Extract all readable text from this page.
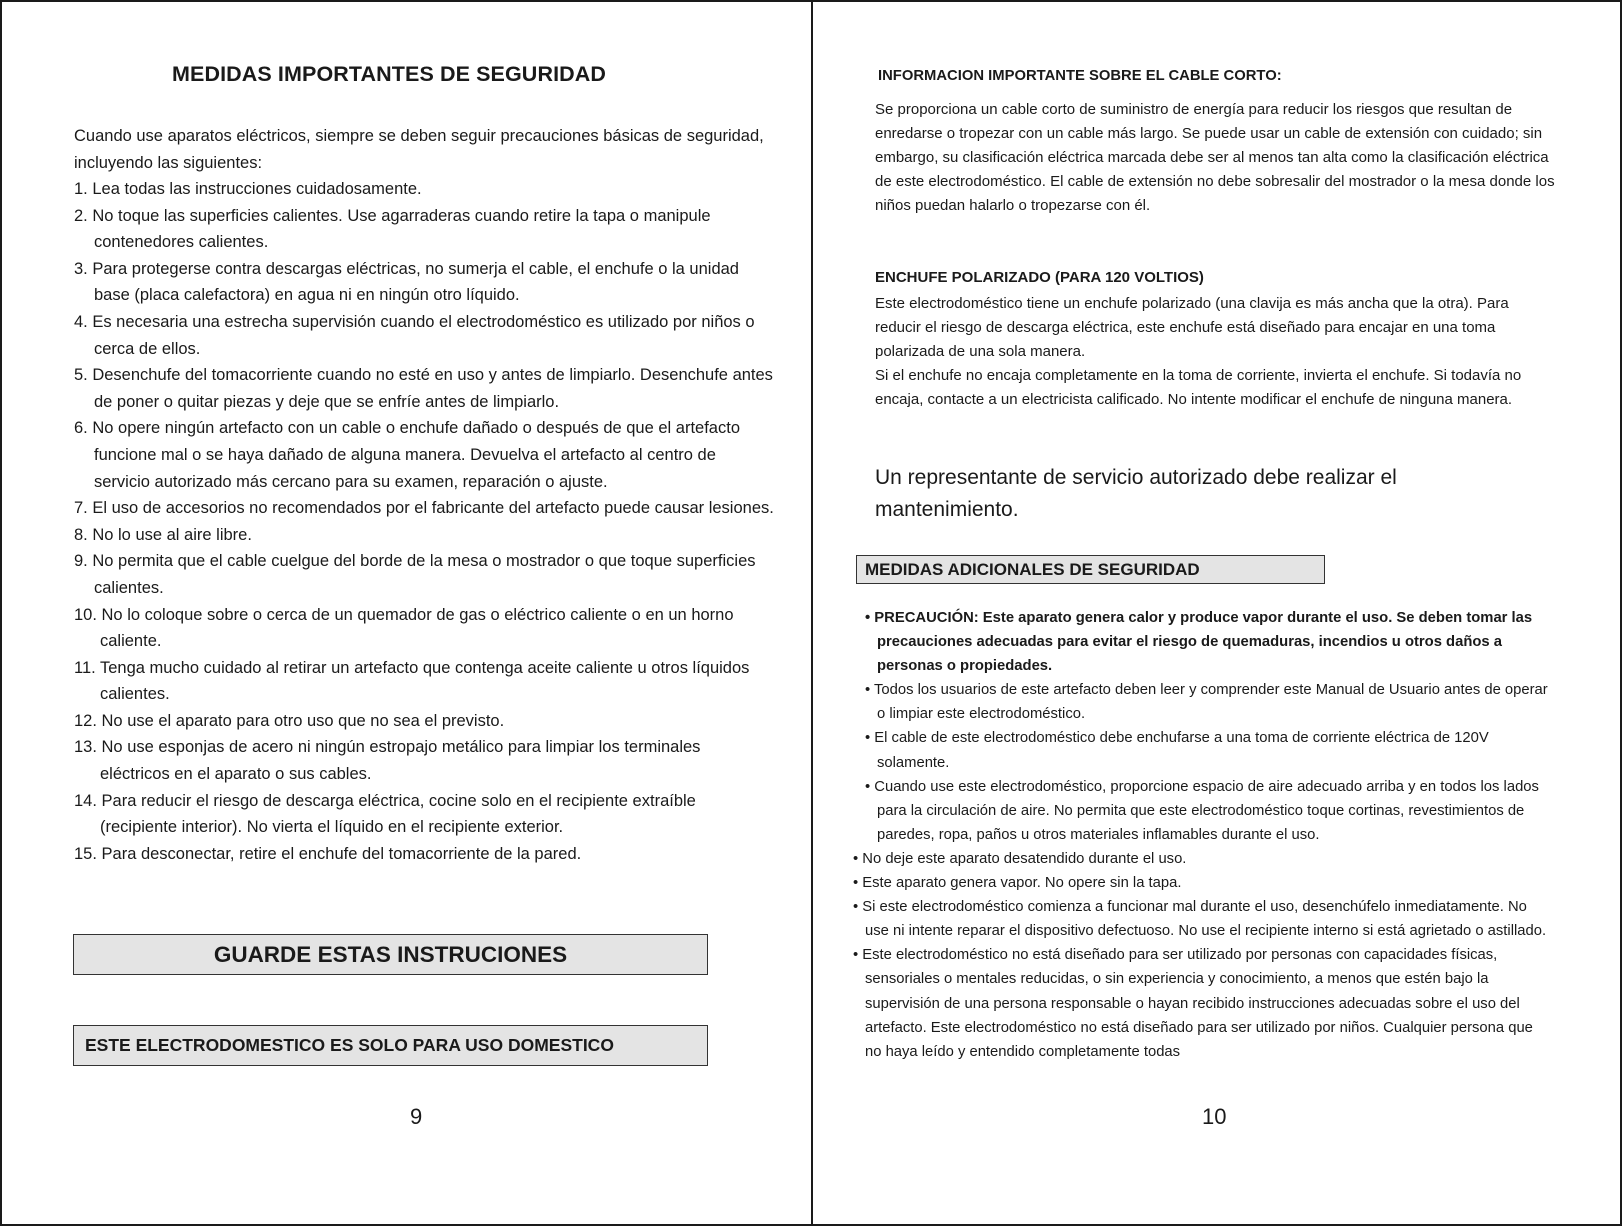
MEDIDAS IMPORTANTES DE SEGURIDAD
Cuando use aparatos eléctricos, siempre se deben seguir precauciones básicas de seguridad, incluyendo las siguientes:
1. Lea todas las instrucciones cuidadosamente.
2. No toque las superficies calientes. Use agarraderas cuando retire la tapa o manipule contenedores calientes.
3. Para protegerse contra descargas eléctricas, no sumerja el cable, el enchufe o la unidad base (placa calefactora) en agua ni en ningún otro líquido.
4. Es necesaria una estrecha supervisión cuando el electrodoméstico es utilizado por niños o cerca de ellos.
5. Desenchufe del tomacorriente cuando no esté en uso y antes de limpiarlo. Desenchufe antes de poner o quitar piezas y deje que se enfríe antes de limpiarlo.
6. No opere ningún artefacto con un cable o enchufe dañado o después de que el artefacto funcione mal o se haya dañado de alguna manera. Devuelva el artefacto al centro de servicio autorizado más cercano para su examen, reparación o ajuste.
7. El uso de accesorios no recomendados por el fabricante del artefacto puede causar lesiones.
8. No lo use al aire libre.
9. No permita que el cable cuelgue del borde de la mesa o mostrador o que toque superficies calientes.
10. No lo coloque sobre o cerca de un quemador de gas o eléctrico caliente o en un horno caliente.
11. Tenga mucho cuidado al retirar un artefacto que contenga aceite caliente u otros líquidos calientes.
12. No use el aparato para otro uso que no sea el previsto.
13. No use esponjas de acero ni ningún estropajo metálico para limpiar los terminales eléctricos en el aparato o sus cables.
14. Para reducir el riesgo de descarga eléctrica, cocine solo en el recipiente extraíble (recipiente interior). No vierta el líquido en el recipiente exterior.
15. Para desconectar, retire el enchufe del tomacorriente de la pared.
GUARDE ESTAS INSTRUCIONES
ESTE ELECTRODOMESTICO ES SOLO PARA USO DOMESTICO
9
INFORMACION IMPORTANTE SOBRE EL CABLE CORTO:
Se proporciona un cable corto de suministro de energía para reducir los riesgos que resultan de enredarse o tropezar con un cable más largo. Se puede usar un cable de extensión con cuidado; sin embargo, su clasificación eléctrica marcada debe ser al menos tan alta como la clasificación eléctrica de este electrodoméstico. El cable de extensión no debe sobresalir del mostrador o la mesa donde los niños puedan halarlo o tropezarse con él.
ENCHUFE POLARIZADO (PARA 120 VOLTIOS)
Este electrodoméstico tiene un enchufe polarizado (una clavija es más ancha que la otra). Para reducir el riesgo de descarga eléctrica, este enchufe está diseñado para encajar en una toma polarizada de una sola manera.
Si el enchufe no encaja completamente en la toma de corriente, invierta el enchufe. Si todavía no encaja, contacte a un electricista calificado. No intente modificar el enchufe de ninguna manera.
Un representante de servicio autorizado debe realizar el mantenimiento.
MEDIDAS ADICIONALES DE SEGURIDAD
• PRECAUCIÓN: Este aparato genera calor y produce vapor durante el uso. Se deben tomar las precauciones adecuadas para evitar el riesgo de quemaduras, incendios u otros daños a personas o propiedades.
• Todos los usuarios de este artefacto deben leer y comprender este Manual de Usuario antes de operar o limpiar este electrodoméstico.
• El cable de este electrodoméstico debe enchufarse a una toma de corriente eléctrica de 120V solamente.
• Cuando use este electrodoméstico, proporcione espacio de aire adecuado arriba y en todos los lados para la circulación de aire. No permita que este electrodoméstico toque cortinas, revestimientos de paredes, ropa, paños u otros materiales inflamables durante el uso.
• No deje este aparato desatendido durante el uso.
• Este aparato genera vapor. No opere sin la tapa.
• Si este electrodoméstico comienza a funcionar mal durante el uso, desenchúfelo inmediatamente. No use ni intente reparar el dispositivo defectuoso. No use el recipiente interno si está agrietado o astillado.
• Este electrodoméstico no está diseñado para ser utilizado por personas con capacidades físicas, sensoriales o mentales reducidas, o sin experiencia y conocimiento, a menos que estén bajo la supervisión de una persona responsable o hayan recibido instrucciones adecuadas sobre el uso del artefacto. Este electrodoméstico no está diseñado para ser utilizado por niños. Cualquier persona que no haya leído y entendido completamente todas
10
